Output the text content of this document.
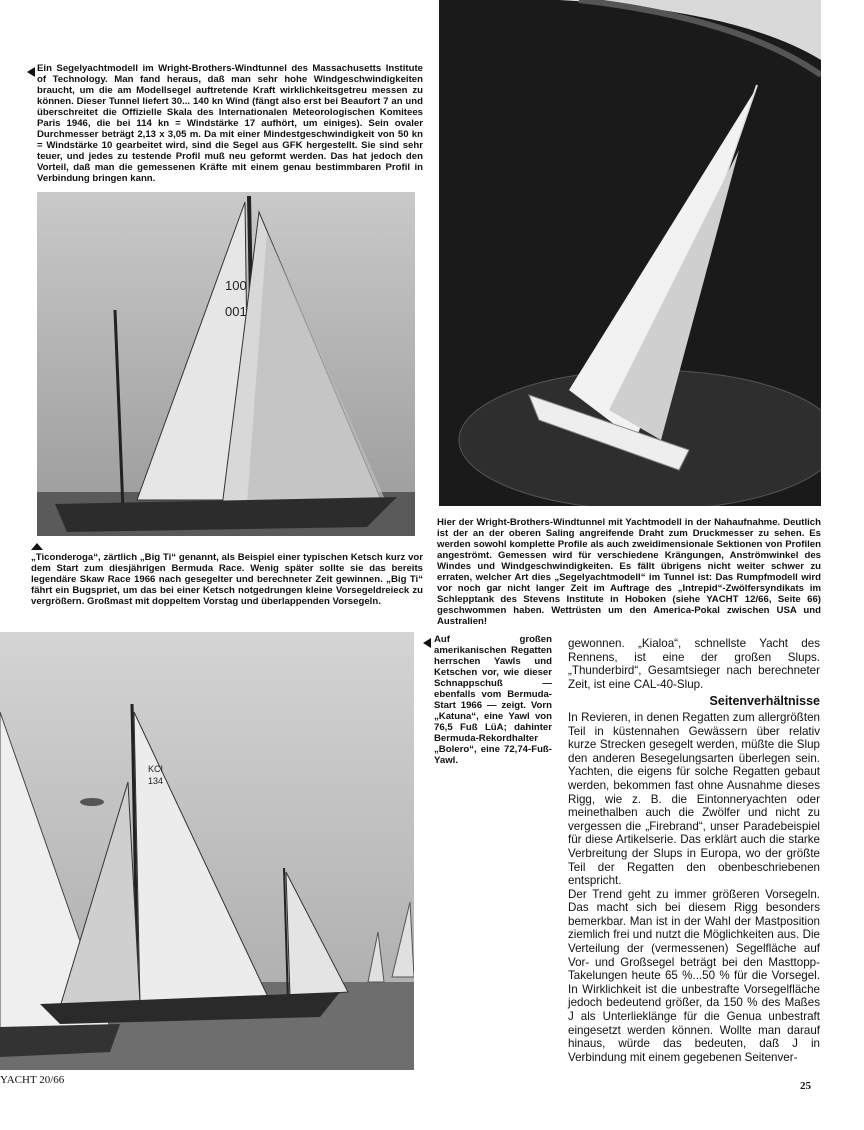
Ein Segelyachtmodell im Wright-Brothers-Windtunnel des Massachusetts Institute of Technology. Man fand heraus, daß man sehr hohe Windgeschwindigkeiten braucht, um die am Modellsegel auftretende Kraft wirklichkeitsgetreu messen zu können. Dieser Tunnel liefert 30... 140 kn Wind (fängt also erst bei Beaufort 7 an und überschreitet die Offizielle Skala des Internationalen Meteorologischen Komitees Paris 1946, die bei 114 kn = Windstärke 17 aufhört, um einiges). Sein ovaler Durchmesser beträgt 2,13 x 3,05 m. Da mit einer Mindestgeschwindigkeit von 50 kn = Windstärke 10 gearbeitet wird, sind die Segel aus GFK hergestellt. Sie sind sehr teuer, und jedes zu testende Profil muß neu geformt werden. Das hat jedoch den Vorteil, daß man die gemessenen Kräfte mit einem genau bestimmbaren Profil in Verbindung bringen kann.
100
001
„Ticonderoga“, zärtlich „Big Ti“ genannt, als Beispiel einer typischen Ketsch kurz vor dem Start zum diesjährigen Bermuda Race. Wenig später sollte sie das bereits legendäre Skaw Race 1966 nach gesegelter und berechneter Zeit gewinnen. „Big Ti“ fährt ein Bugspriet, um das bei einer Ketsch notgedrungen kleine Vorsegeldreieck zu vergrößern. Großmast mit doppeltem Vorstag und überlappenden Vorsegeln.
Hier der Wright-Brothers-Windtunnel mit Yachtmodell in der Nahaufnahme. Deutlich ist der an der oberen Saling angreifende Draht zum Druckmesser zu sehen. Es werden sowohl komplette Profile als auch zweidimensionale Sektionen von Profilen angeströmt. Gemessen wird für verschiedene Krängungen, Anströmwinkel des Windes und Windgeschwindigkeiten. Es fällt übrigens nicht weiter schwer zu erraten, welcher Art dies „Segelyachtmodell“ im Tunnel ist: Das Rumpfmodell wird vor noch gar nicht langer Zeit im Auftrage des „Intrepid“-Zwölfersyndikats im Schlepptank des Stevens Institute in Hoboken (siehe YACHT 12/66, Seite 66) geschwommen haben. Wettrüsten um den America-Pokal zwischen USA und Australien!
KCI
134
Auf großen amerikanischen Regatten herrschen Yawls und Ketschen vor, wie dieser Schnappschuß — ebenfalls vom Bermuda-Start 1966 — zeigt. Vorn „Katuna“, eine Yawl von 76,5 Fuß LüA; dahinter Bermuda-Rekordhalter „Bolero“, eine 72,74-Fuß-Yawl.

gewonnen. „Kialoa“, schnellste Yacht des Rennens, ist eine der großen Slups. „Thunderbird“, Gesamtsieger nach berechneter Zeit, ist eine CAL-40-Slup.

Seitenverhältnisse

In Revieren, in denen Regatten zum allergrößten Teil in küstennahen Gewässern über relativ kurze Strecken gesegelt werden, müßte die Slup den anderen Besegelungsarten überlegen sein. Yachten, die eigens für solche Regatten gebaut werden, bekommen fast ohne Ausnahme dieses Rigg, wie z. B. die Eintonneryachten oder meinethalben auch die Zwölfer und nicht zu vergessen die „Firebrand“, unser Paradebeispiel für diese Artikelserie. Das erklärt auch die starke Verbreitung der Slups in Europa, wo der größte Teil der Regatten den obenbeschriebenen entspricht.

Der Trend geht zu immer größeren Vorsegeln. Das macht sich bei diesem Rigg besonders bemerkbar. Man ist in der Wahl der Mastposition ziemlich frei und nutzt die Möglichkeiten aus. Die Verteilung der (vermessenen) Segelfläche auf Vor- und Großsegel beträgt bei den Masttopp-Takelungen heute 65 %...50 % für die Vorsegel. In Wirklichkeit ist die unbestrafte Vorsegelfläche jedoch bedeutend größer, da 150 % des Maßes J als Unterlieklänge für die Genua unbestraft eingesetzt werden können. Wollte man darauf hinaus, würde das bedeuten, daß J in Verbindung mit einem gegebenen Seitenver-

YACHT 20/66	25
